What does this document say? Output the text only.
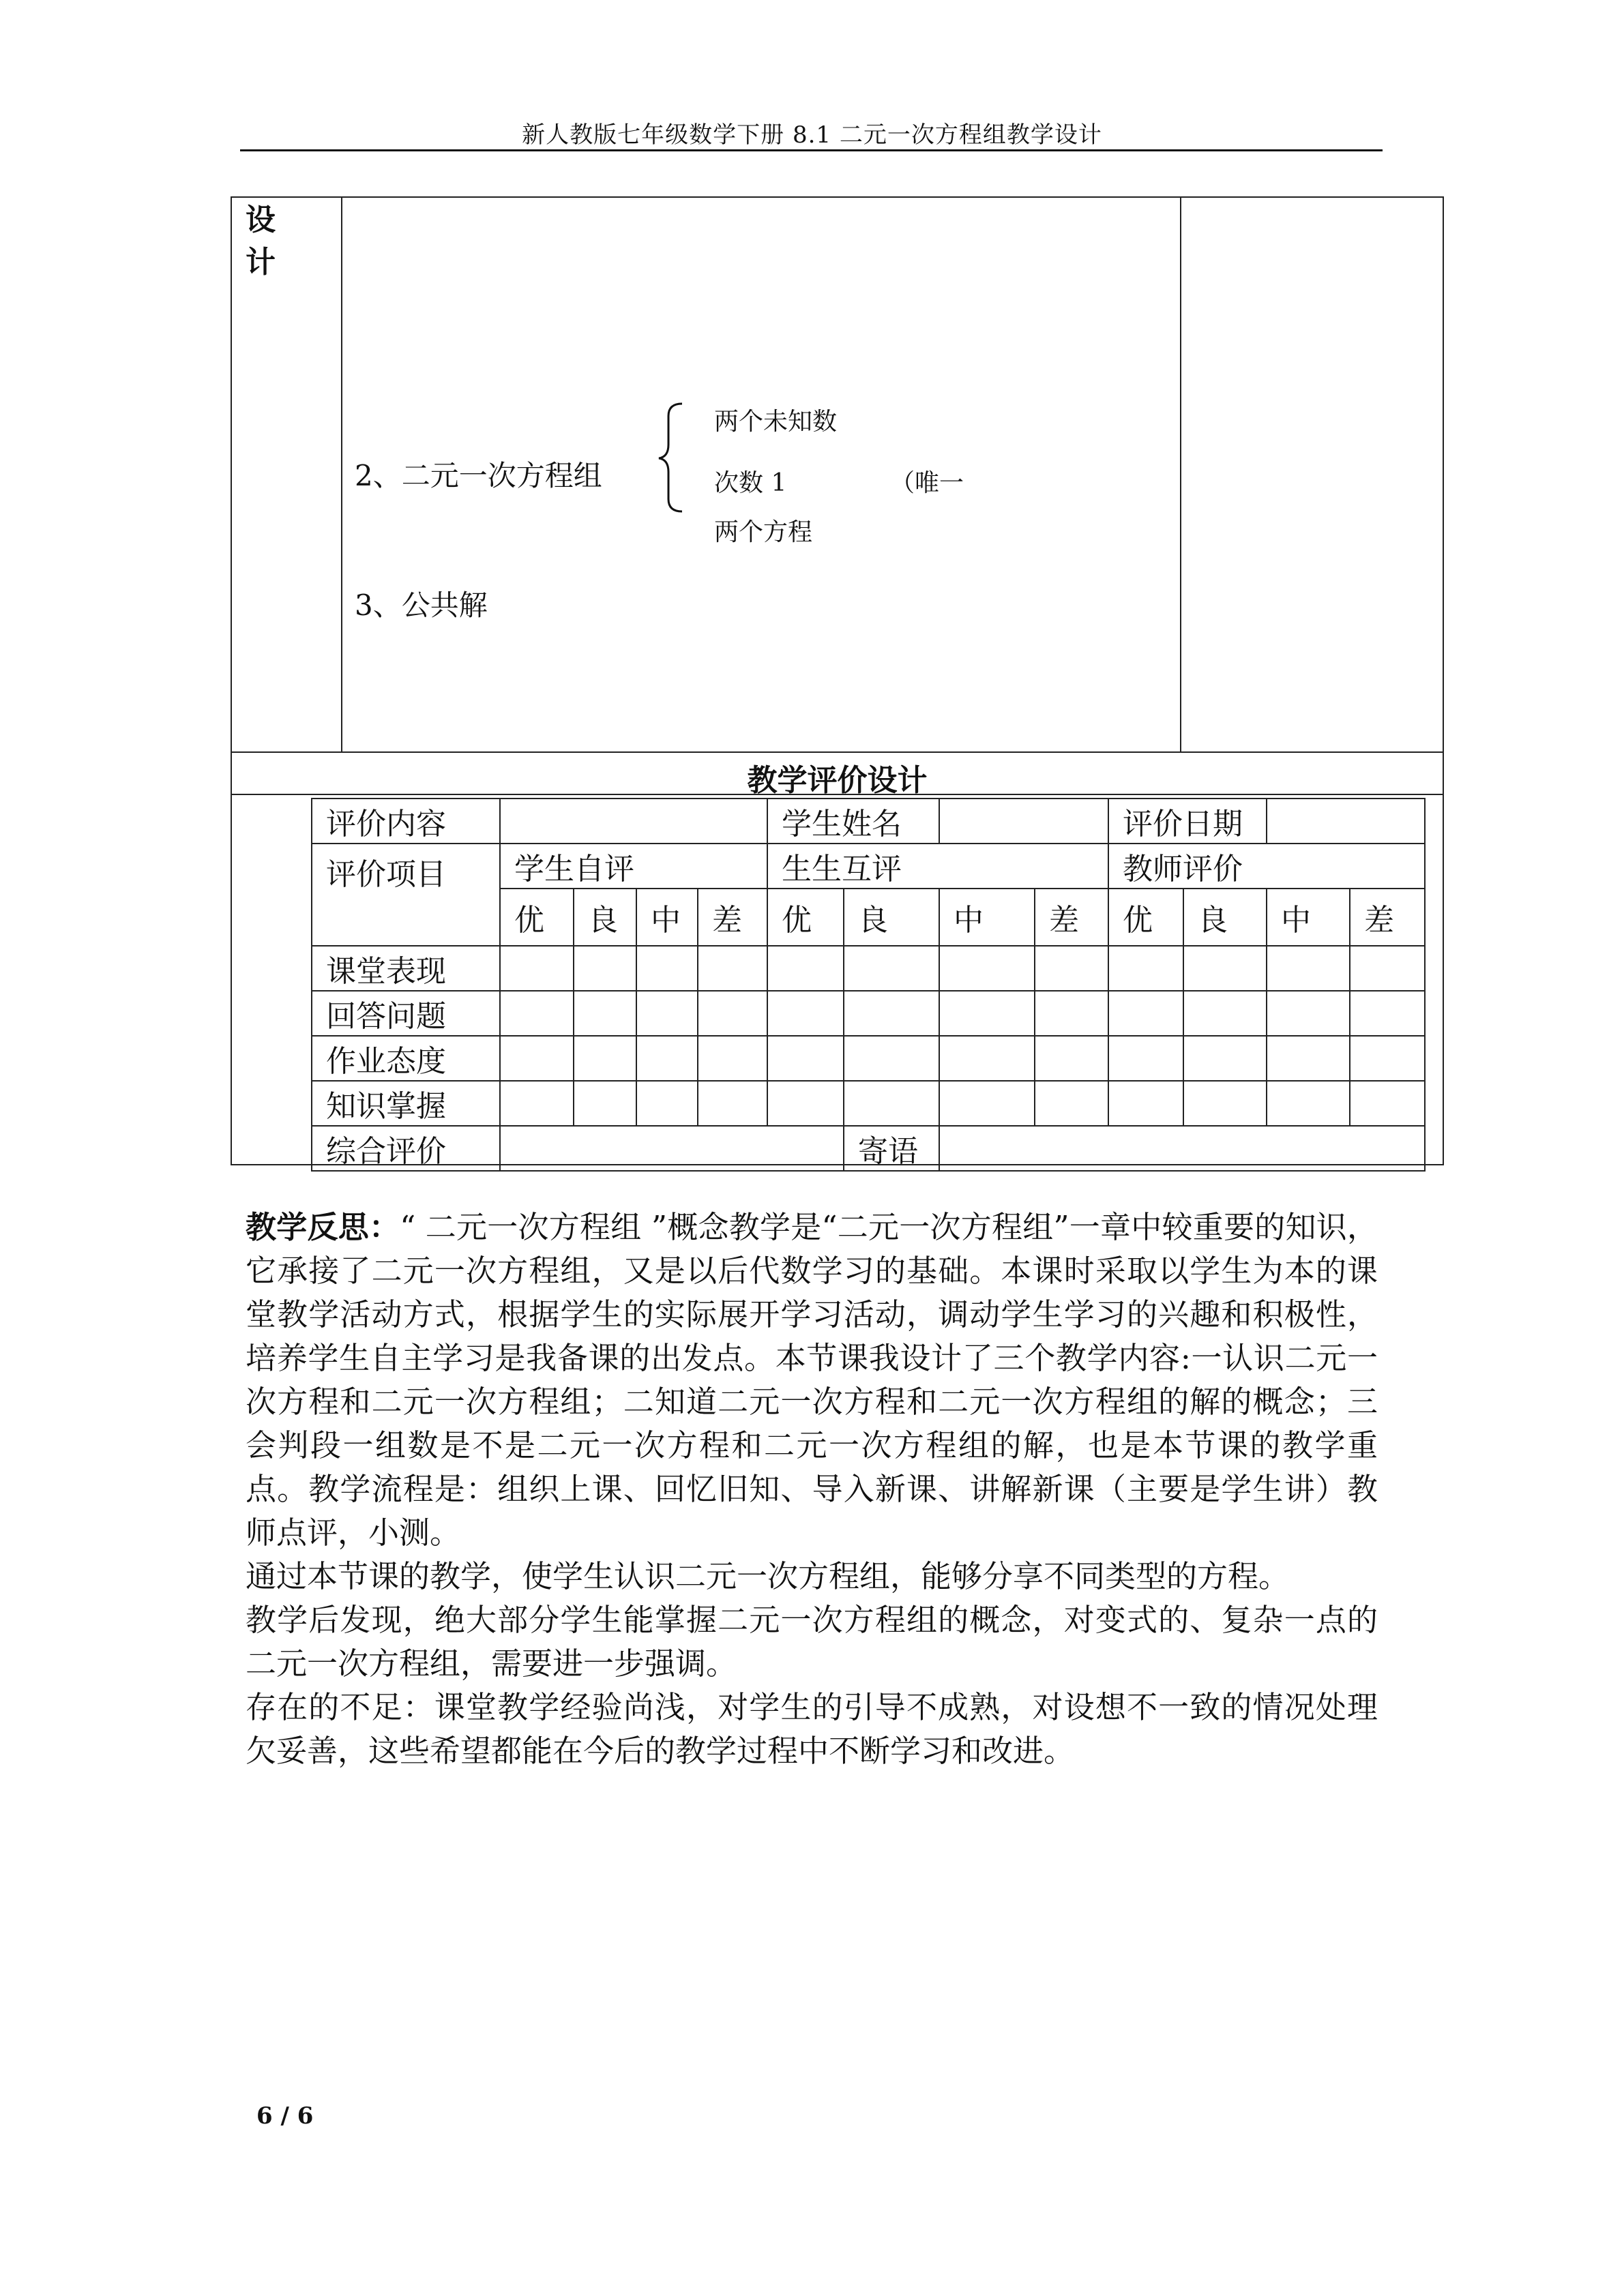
新人教版七年级数学下册 8.1 二元一次方程组教学设计
设计
2、二元一次方程组
两个未知数
次数 1
两个方程
（唯一
3、公共解
教学评价设计
评价内容					学生姓名				评价日期			
评价项目	学生自评				生生互评				教师评价			
	优	良	中	差	优	良	中	差	优	良	中	差
课堂表现												
回答问题												
作业态度												
知识掌握												
综合评价						寄语						

教学反思：“ 二元一次方程组 ”概念教学是“二元一次方程组”一章中较重要的知识，它承接了二元一次方程组，又是以后代数学习的基础。本课时采取以学生为本的课堂教学活动方式，根据学生的实际展开学习活动，调动学生学习的兴趣和积极性，培养学生自主学习是我备课的出发点。本节课我设计了三个教学内容:一认识二元一次方程和二元一次方程组；二知道二元一次方程和二元一次方程组的解的概念；三会判段一组数是不是二元一次方程和二元一次方程组的解，也是本节课的教学重点。教学流程是：组织上课、回忆旧知、导入新课、讲解新课（主要是学生讲）教师点评，小测。

通过本节课的教学，使学生认识二元一次方程组，能够分享不同类型的方程。

教学后发现，绝大部分学生能掌握二元一次方程组的概念，对变式的、复杂一点的二元一次方程组，需要进一步强调。

存在的不足：课堂教学经验尚浅，对学生的引导不成熟，对设想不一致的情况处理欠妥善，这些希望都能在今后的教学过程中不断学习和改进。

6 / 6
